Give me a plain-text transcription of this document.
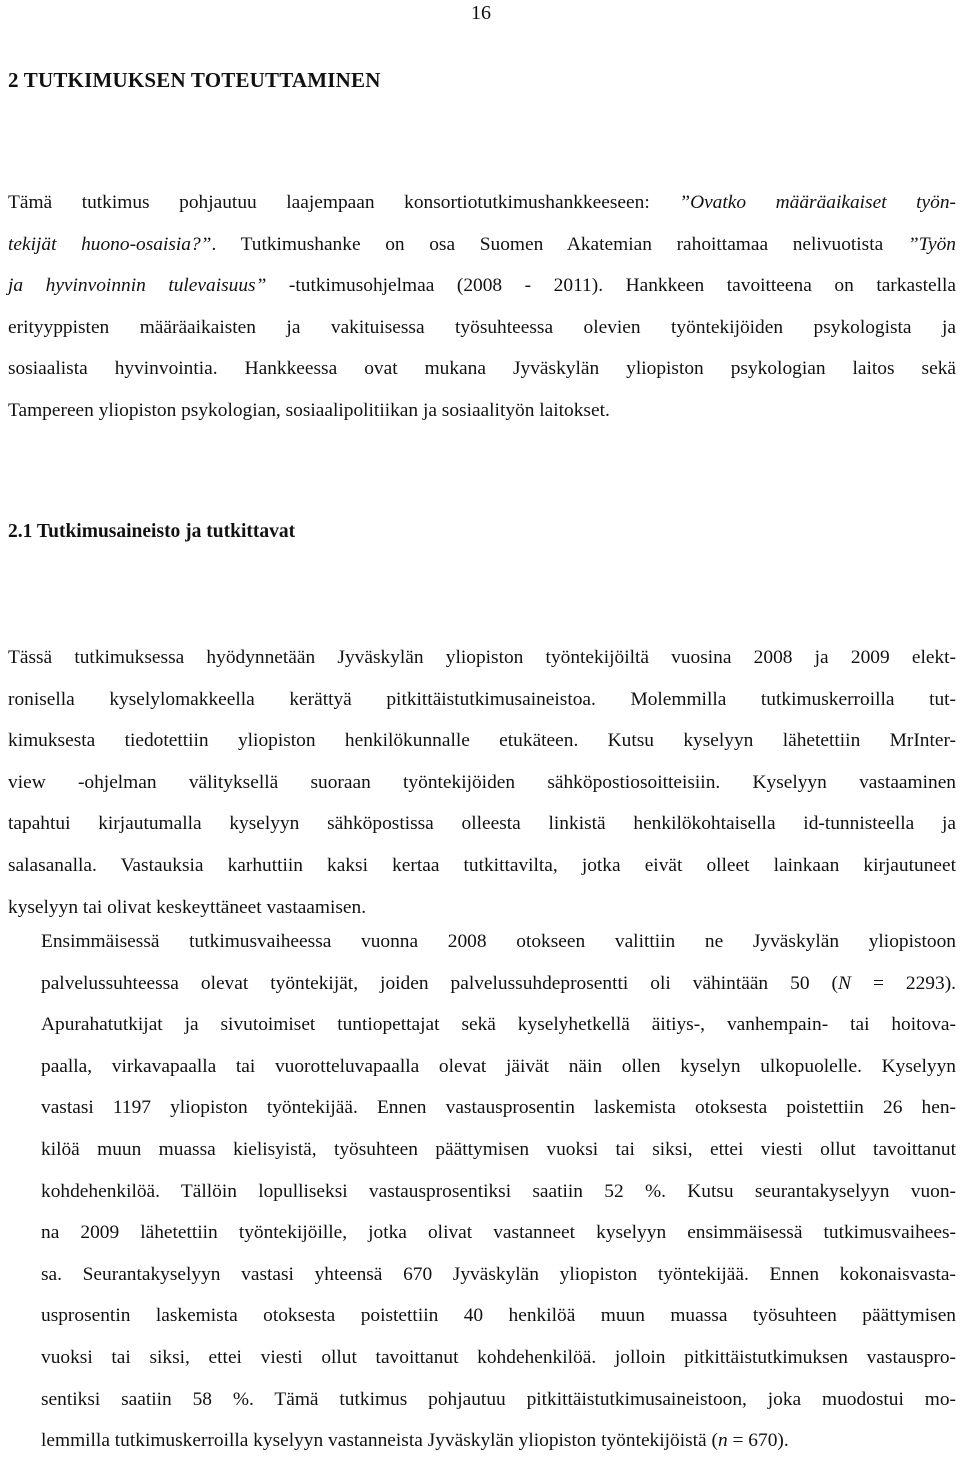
16
2 TUTKIMUKSEN TOTEUTTAMINEN

Tämä tutkimus pohjautuu laajempaan konsortiotutkimushankkeeseen: ”Ovatko määräaikaiset työn-
tekijät huono-osaisia?”. Tutkimushanke on osa Suomen Akatemian rahoittamaa nelivuotista ”Työn
ja hyvinvoinnin tulevaisuus” -tutkimusohjelmaa (2008 - 2011). Hankkeen tavoitteena on tarkastella
erityyppisten määräaikaisten ja vakituisessa työsuhteessa olevien työntekijöiden psykologista ja
sosiaalista hyvinvointia. Hankkeessa ovat mukana Jyväskylän yliopiston psykologian laitos sekä
Tampereen yliopiston psykologian, sosiaalipolitiikan ja sosiaalityön laitokset.

2.1 Tutkimusaineisto ja tutkittavat

Tässä tutkimuksessa hyödynnetään Jyväskylän yliopiston työntekijöiltä vuosina 2008 ja 2009 elekt-
ronisella kyselylomakkeella kerättyä pitkittäistutkimusaineistoa. Molemmilla tutkimuskerroilla tut-
kimuksesta tiedotettiin yliopiston henkilökunnalle etukäteen. Kutsu kyselyyn lähetettiin MrInter-
view -ohjelman välityksellä suoraan työntekijöiden sähköpostiosoitteisiin. Kyselyyn vastaaminen
tapahtui kirjautumalla kyselyyn sähköpostissa olleesta linkistä henkilökohtaisella id-tunnisteella ja
salasanalla. Vastauksia karhuttiin kaksi kertaa tutkittavilta, jotka eivät olleet lainkaan kirjautuneet
kyselyyn tai olivat keskeyttäneet vastaamisen.

Ensimmäisessä tutkimusvaiheessa vuonna 2008 otokseen valittiin ne Jyväskylän yliopistoon
palvelussuhteessa olevat työntekijät, joiden palvelussuhdeprosentti oli vähintään 50 (N = 2293).
Apurahatutkijat ja sivutoimiset tuntiopettajat sekä kyselyhetkellä äitiys-, vanhempain- tai hoitova-
paalla, virkavapaalla tai vuorotteluvapaalla olevat jäivät näin ollen kyselyn ulkopuolelle. Kyselyyn
vastasi 1197 yliopiston työntekijää. Ennen vastausprosentin laskemista otoksesta poistettiin 26 hen-
kilöä muun muassa kielisyistä, työsuhteen päättymisen vuoksi tai siksi, ettei viesti ollut tavoittanut
kohdehenkilöä. Tällöin lopulliseksi vastausprosentiksi saatiin 52 %. Kutsu seurantakyselyyn vuon-
na 2009 lähetettiin työntekijöille, jotka olivat vastanneet kyselyyn ensimmäisessä tutkimusvaihees-
sa. Seurantakyselyyn vastasi yhteensä 670 Jyväskylän yliopiston työntekijää. Ennen kokonaisvasta-
usprosentin laskemista otoksesta poistettiin 40 henkilöä muun muassa työsuhteen päättymisen
vuoksi tai siksi, ettei viesti ollut tavoittanut kohdehenkilöä. jolloin pitkittäistutkimuksen vastauspro-
sentiksi saatiin 58 %. Tämä tutkimus pohjautuu pitkittäistutkimusaineistoon, joka muodostui mo-
lemmilla tutkimuskerroilla kyselyyn vastanneista Jyväskylän yliopiston työntekijöistä (n = 670).
